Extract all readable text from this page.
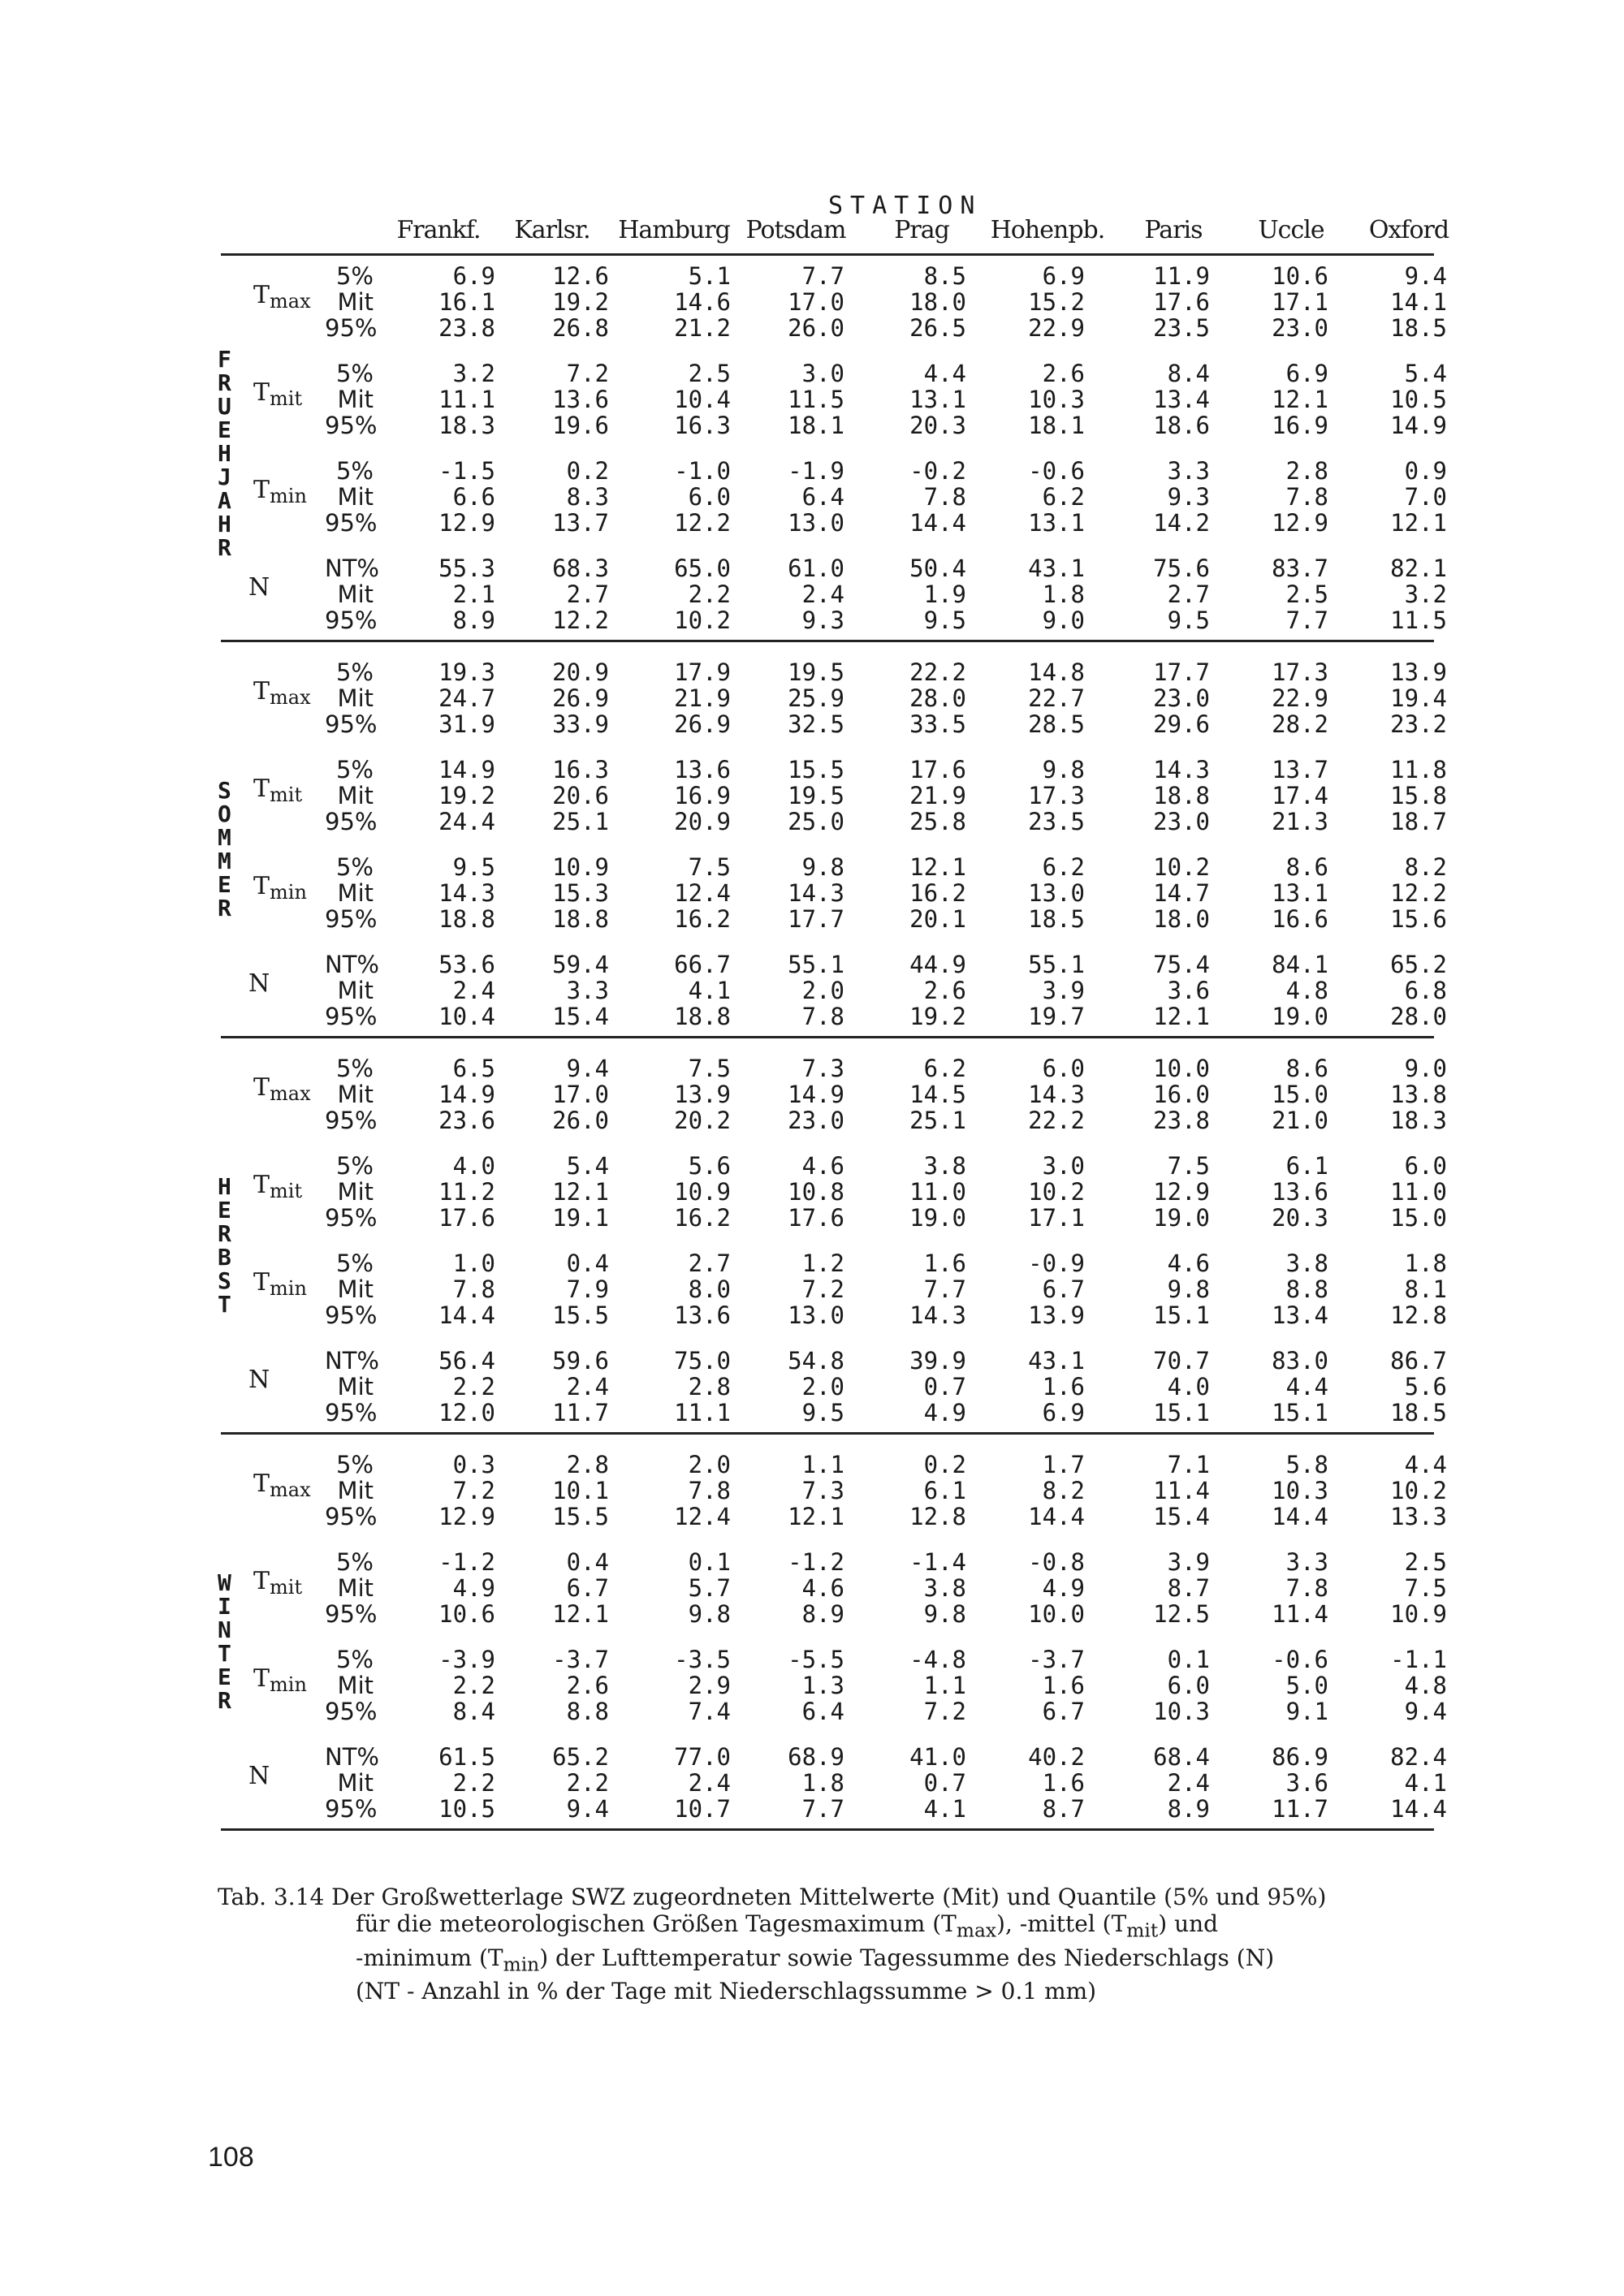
STATION
Frankf.	Karlsr.	Hamburg Potsdam	Prag	Hohenpb.	Paris	Uccle	Oxford
5%	6.9	12.6	5.1	7.7	8.5	6.9	11.9	10.6	9.4
Mit	16.1	19.2	14.6	17.0	18.0	15.2	17.6	17.1	14.1
95%	23.8	26.8	21.2	26.0	26.5	22.9	23.5	23.0	18.5
$T_{max}$
5%	3.2	7.2	2.5	3.0	4.4	2.6	8.4	6.9	5.4
Mit	11.1	13.6	10.4	11.5	13.1	10.3	13.4	12.1	10.5
95%	18.3	19.6	16.3	18.1	20.3	18.1	18.6	16.9	14.9
$T_{mit}$
5%	-1.5	0.2	-1.0	-1.9	-0.2	-0.6	3.3	2.8	0.9
Mit	6.6	8.3	6.0	6.4	7.8	6.2	9.3	7.8	7.0
95%	12.9	13.7	12.2	13.0	14.4	13.1	14.2	12.9	12.1
$T_{min}$
NT%	55.3	68.3	65.0	61.0	50.4	43.1	75.6	83.7	82.1
Mit	2.1	2.7	2.2	2.4	1.9	1.8	2.7	2.5	3.2
95%	8.9	12.2	10.2	9.3	9.5	9.0	9.5	7.7	11.5
N
F
R
U
E
H
J
A
H
R
5%	19.3	20.9	17.9	19.5	22.2	14.8	17.7	17.3	13.9
Mit	24.7	26.9	21.9	25.9	28.0	22.7	23.0	22.9	19.4
95%	31.9	33.9	26.9	32.5	33.5	28.5	29.6	28.2	23.2
$T_{max}$
5%	14.9	16.3	13.6	15.5	17.6	9.8	14.3	13.7	11.8
Mit	19.2	20.6	16.9	19.5	21.9	17.3	18.8	17.4	15.8
95%	24.4	25.1	20.9	25.0	25.8	23.5	23.0	21.3	18.7
$T_{mit}$
5%	9.5	10.9	7.5	9.8	12.1	6.2	10.2	8.6	8.2
Mit	14.3	15.3	12.4	14.3	16.2	13.0	14.7	13.1	12.2
95%	18.8	18.8	16.2	17.7	20.1	18.5	18.0	16.6	15.6
$T_{min}$
NT%	53.6	59.4	66.7	55.1	44.9	55.1	75.4	84.1	65.2
Mit	2.4	3.3	4.1	2.0	2.6	3.9	3.6	4.8	6.8
95%	10.4	15.4	18.8	7.8	19.2	19.7	12.1	19.0	28.0
N
S
O
M
M
E
R
5%	6.5	9.4	7.5	7.3	6.2	6.0	10.0	8.6	9.0
Mit	14.9	17.0	13.9	14.9	14.5	14.3	16.0	15.0	13.8
95%	23.6	26.0	20.2	23.0	25.1	22.2	23.8	21.0	18.3
$T_{max}$
5%	4.0	5.4	5.6	4.6	3.8	3.0	7.5	6.1	6.0
Mit	11.2	12.1	10.9	10.8	11.0	10.2	12.9	13.6	11.0
95%	17.6	19.1	16.2	17.6	19.0	17.1	19.0	20.3	15.0
$T_{mit}$
5%	1.0	0.4	2.7	1.2	1.6	-0.9	4.6	3.8	1.8
Mit	7.8	7.9	8.0	7.2	7.7	6.7	9.8	8.8	8.1
95%	14.4	15.5	13.6	13.0	14.3	13.9	15.1	13.4	12.8
$T_{min}$
NT%	56.4	59.6	75.0	54.8	39.9	43.1	70.7	83.0	86.7
Mit	2.2	2.4	2.8	2.0	0.7	1.6	4.0	4.4	5.6
95%	12.0	11.7	11.1	9.5	4.9	6.9	15.1	15.1	18.5
N
H
E
R
B
S
T
5%	0.3	2.8	2.0	1.1	0.2	1.7	7.1	5.8	4.4
Mit	7.2	10.1	7.8	7.3	6.1	8.2	11.4	10.3	10.2
95%	12.9	15.5	12.4	12.1	12.8	14.4	15.4	14.4	13.3
$T_{max}$
5%	-1.2	0.4	0.1	-1.2	-1.4	-0.8	3.9	3.3	2.5
Mit	4.9	6.7	5.7	4.6	3.8	4.9	8.7	7.8	7.5
95%	10.6	12.1	9.8	8.9	9.8	10.0	12.5	11.4	10.9
$T_{mit}$
5%	-3.9	-3.7	-3.5	-5.5	-4.8	-3.7	0.1	-0.6	-1.1
Mit	2.2	2.6	2.9	1.3	1.1	1.6	6.0	5.0	4.8
95%	8.4	8.8	7.4	6.4	7.2	6.7	10.3	9.1	9.4
$T_{min}$
NT%	61.5	65.2	77.0	68.9	41.0	40.2	68.4	86.9	82.4
Mit	2.2	2.2	2.4	1.8	0.7	1.6	2.4	3.6	4.1
95%	10.5	9.4	10.7	7.7	4.1	8.7	8.9	11.7	14.4
N
W
I
N
T
E
R
Tab. 3.14 Der Großwetterlage SWZ zugeordneten Mittelwerte (Mit) und Quantile (5% und 95%)
für die meteorologischen Größen Tagesmaximum $(T_{max})$, -mittel $(T_{mit})$ und
-minimum $(T_{min})$ der Lufttemperatur sowie Tagessumme des Niederschlags (N)
(NT - Anzahl in % der Tage mit Niederschlagssumme > 0.1 mm)
108
